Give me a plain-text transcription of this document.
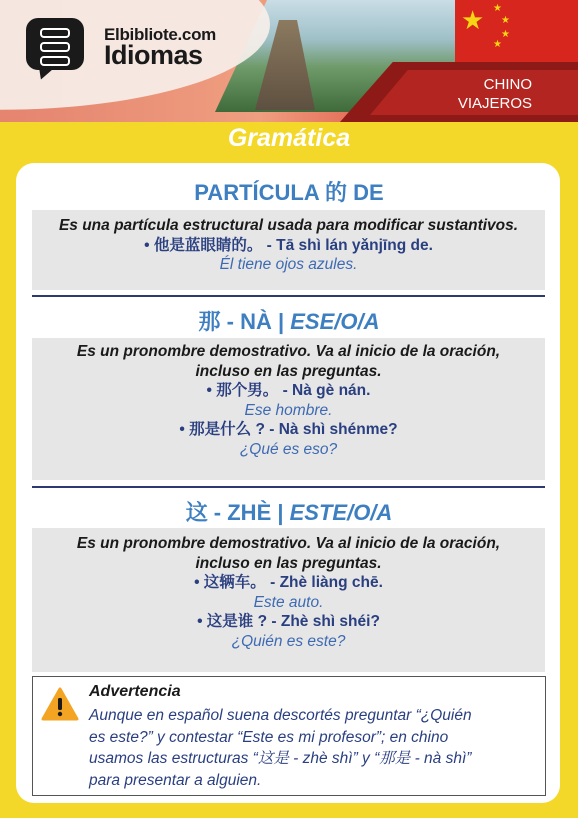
★ ★
★
★
★
Elbibliote.com
Idiomas
CHINO
VIAJEROS
Gramática
PARTÍCULA 的 DE
Es una partícula estructural usada para modificar sustantivos.
• 他是蓝眼睛的。 - Tā shì lán yǎnjīng de.
Él tiene ojos azules.
那 - NÀ | ESE/O/A
Es un pronombre demostrativo. Va al inicio de la oración,
incluso en las preguntas.
• 那个男。 - Nà gè nán.
Ese hombre.
• 那是什么 ? - Nà shì shénme?
¿Qué es eso?
这 - ZHÈ | ESTE/O/A
Es un pronombre demostrativo. Va al inicio de la oración,
incluso en las preguntas.
• 这辆车。 - Zhè liàng chē.
Este auto.
• 这是谁 ? - Zhè shì shéi?
¿Quién es este?
Advertencia
Aunque en español suena descortés preguntar “¿Quién
es este?” y contestar “Este es mi profesor”; en chino
usamos las estructuras “这是 - zhè shì” y “那是 - nà shì”
para presentar a alguien.
